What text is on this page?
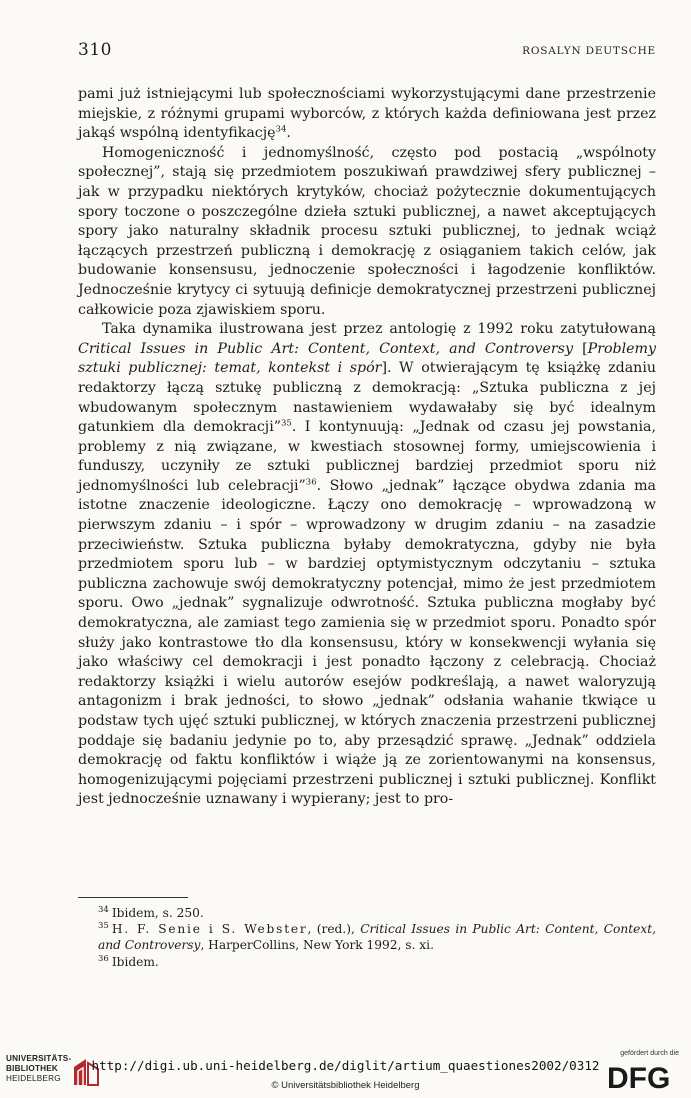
310	ROSALYN DEUTSCHE

pami już istniejącymi lub społecznościami wykorzystującymi dane przestrzenie miejskie, z różnymi grupami wyborców, z których każda definiowana jest przez jakąś wspólną identyfikację$^{34}$.

Homogeniczność i jednomyślność, często pod postacią „wspólnoty społecznej”, stają się przedmiotem poszukiwań prawdziwej sfery publicznej – jak w przypadku niektórych krytyków, chociaż pożytecznie dokumentujących spory toczone o poszczególne dzieła sztuki publicznej, a nawet akceptujących spory jako naturalny składnik procesu sztuki publicznej, to jednak wciąż łączących przestrzeń publiczną i demokrację z osiąganiem takich celów, jak budowanie konsensusu, jednoczenie społeczności i łagodzenie konfliktów. Jednocześnie krytycy ci sytuują definicje demokratycznej przestrzeni publicznej całkowicie poza zjawiskiem sporu.

Taka dynamika ilustrowana jest przez antologię z 1992 roku zatytułowaną Critical Issues in Public Art: Content, Context, and Controversy [Problemy sztuki publicznej: temat, kontekst i spór]. W otwierającym tę książkę zdaniu redaktorzy łączą sztukę publiczną z demokracją: „Sztuka publiczna z jej wbudowanym społecznym nastawieniem wydawałaby się być idealnym gatunkiem dla demokracji”$^{35}$. I kontynuują: „Jednak od czasu jej powstania, problemy z nią związane, w kwestiach stosownej formy, umiejscowienia i funduszy, uczyniły ze sztuki publicznej bardziej przedmiot sporu niż jednomyślności lub celebracji”$^{36}$. Słowo „jednak” łączące obydwa zdania ma istotne znaczenie ideologiczne. Łączy ono demokrację – wprowadzoną w pierwszym zdaniu – i spór – wprowadzony w drugim zdaniu – na zasadzie przeciwieństw. Sztuka publiczna byłaby demokratyczna, gdyby nie była przedmiotem sporu lub – w bardziej optymistycznym odczytaniu – sztuka publiczna zachowuje swój demokratyczny potencjał, mimo że jest przedmiotem sporu. Owo „jednak” sygnalizuje odwrotność. Sztuka publiczna mogłaby być demokratyczna, ale zamiast tego zamienia się w przedmiot sporu. Ponadto spór służy jako kontrastowe tło dla konsensusu, który w konsekwencji wyłania się jako właściwy cel demokracji i jest ponadto łączony z celebracją. Chociaż redaktorzy książki i wielu autorów esejów podkreślają, a nawet waloryzują antagonizm i brak jedności, to słowo „jednak” odsłania wahanie tkwiące u podstaw tych ujęć sztuki publicznej, w których znaczenia przestrzeni publicznej poddaje się badaniu jedynie po to, aby przesądzić sprawę. „Jednak” oddziela demokrację od faktu konfliktów i wiąże ją ze zorientowanymi na konsensus, homogenizującymi pojęciami przestrzeni publicznej i sztuki publicznej. Konflikt jest jednocześnie uznawany i wypierany; jest to pro-

$^{34}$ Ibidem, s. 250.

$^{35}$ H. F. Senie i S. Webster, (red.), Critical Issues in Public Art: Content, Context, and Controversy, HarperCollins, New York 1992, s. xi.

$^{36}$ Ibidem.

UNIVERSITÄTS-
BIBLIOTHEK
HEIDELBERG
http://digi.ub.uni-heidelberg.de/diglit/artium_quaestiones2002/0312
© Universitätsbibliothek Heidelberg
gefördert durch die
DFG
